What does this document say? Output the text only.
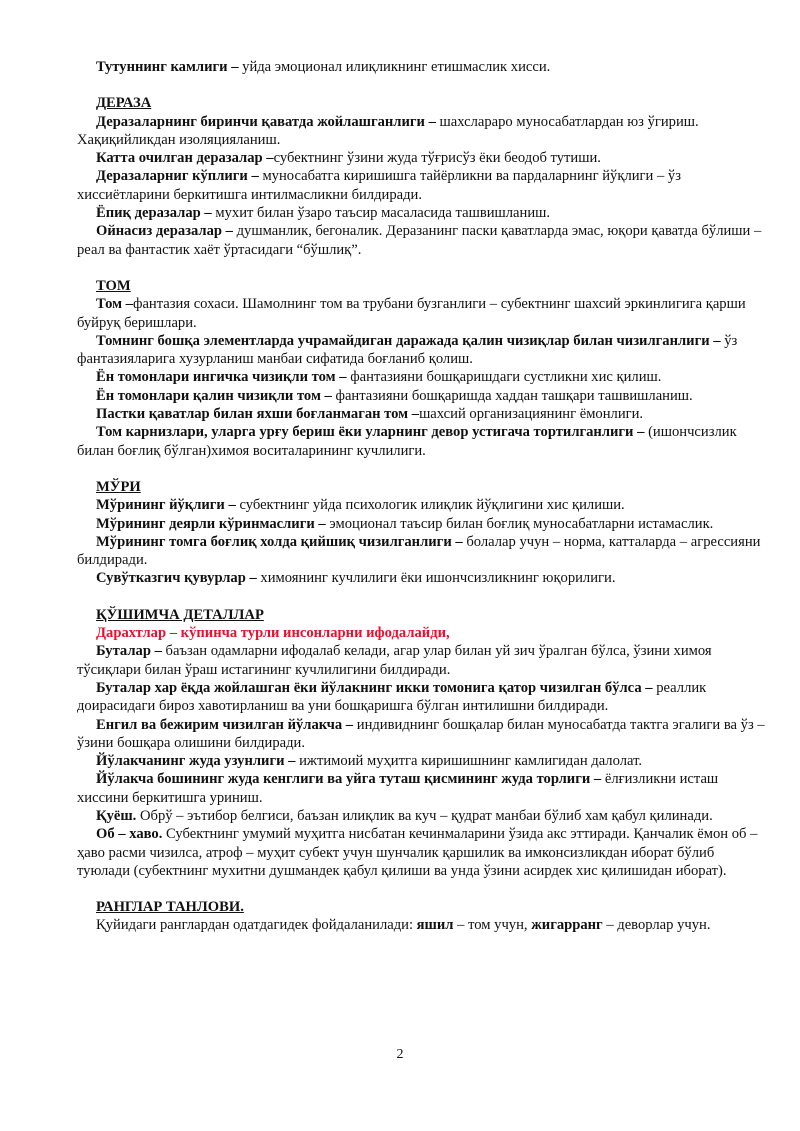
Тутуннинг камлиги – уйда эмоционал илиқликнинг етишмаслик хисси.

ДЕРАЗА

Деразаларнинг биринчи қаватда жойлашганлиги – шахслараро муносабатлардан юз ўгириш. Хақиқийликдан изоляцияланиш.

Катта очилган деразалар –субектнинг ўзини жуда тўғрисўз ёки беодоб тутиши.

Деразаларниг кўплиги – муносабатга киришишга тайёрликни ва пардаларнинг йўқлиги – ўз хиссиётларини беркитишга интилмасликни билдиради.

Ёпиқ деразалар – мухит билан ўзаро таъсир масаласида ташвишланиш.

Ойнасиз деразалар – душманлик, бегоналик. Деразанинг паски қаватларда эмас, юқори қаватда бўлиши – реал ва фантастик хаёт ўртасидаги “бўшлиқ”.

ТОМ

Том –фантазия сохаси. Шамолнинг том ва трубани бузганлиги – субектнинг шахсий эркинлигига қарши буйруқ беришлари.

Томнинг бошқа элементларда учрамайдиган даражада қалин чизиқлар билан чизилганлиги – ўз фантазияларига хузурланиш манбаи сифатида боғланиб қолиш.

Ён томонлари ингичка чизиқли том – фантазияни бошқаришдаги сустликни хис қилиш.

Ён томонлари қалин чизиқли том – фантазияни бошқаришда хаддан ташқари ташвишланиш.

Пастки қаватлар билан яхши боғланмаган том –шахсий организациянинг ёмонлиги.

Том карнизлари, уларга урғу бериш ёки уларнинг девор устигача тортилганлиги – (ишончсизлик билан боғлиқ бўлган)химоя воситаларининг кучлилиги.

МЎРИ

Мўрининг йўқлиги – субектнинг уйда психологик илиқлик йўқлигини хис қилиши.

Мўрининг деярли кўринмаслиги – эмоционал таъсир билан боғлиқ муносабатларни истамаслик.

Мўрининг томга боғлиқ холда қийшиқ чизилганлиги – болалар учун – норма, катталарда – агрессияни билдиради.

Сувўтказгич қувурлар – химоянинг кучлилиги ёки ишончсизликнинг юқорилиги.

ҚЎШИМЧА ДЕТАЛЛАР

Дарахтлар – кўпинча турли инсонларни ифодалайди,

Буталар – баъзан одамларни ифодалаб келади, агар улар билан уй зич ўралган бўлса, ўзини химоя тўсиқлари билан ўраш истагининг кучлилигини билдиради.

Буталар хар ёқда жойлашган ёки йўлакнинг икки томонига қатор чизилган бўлса – реаллик доирасидаги бироз хавотирланиш ва уни бошқаришга бўлган интилишни билдиради.

Енгил ва бежирим чизилган йўлакча – индивиднинг бошқалар билан муносабатда тактга эгалиги ва ўз – ўзини бошқара олишини билдиради.

Йўлакчанинг жуда узунлиги – ижтимоий муҳитга киришишнинг камлигидан далолат.

Йўлакча бошининг жуда кенглиги ва уйга туташ қисмининг жуда торлиги – ёлғизликни исташ хиссини беркитишга уриниш.

Қуёш. Обрў – эътибор белгиси, баъзан илиқлик ва куч – қудрат манбаи бўлиб хам қабул қилинади.

Об – хаво. Субектнинг умумий муҳитга нисбатан кечинмаларини ўзида акс эттиради. Қанчалик ёмон об – ҳаво расми чизилса, атроф – муҳит субект учун шунчалик қаршилик ва имконсизликдан иборат бўлиб туюлади (субектнинг мухитни душмандек қабул қилиши ва унда ўзини асирдек хис қилишидан иборат).

РАНГЛАР ТАНЛОВИ.

Қуйидаги ранглардан одатдагидек фойдаланилади: яшил – том учун, жигарранг – деворлар учун.

2
